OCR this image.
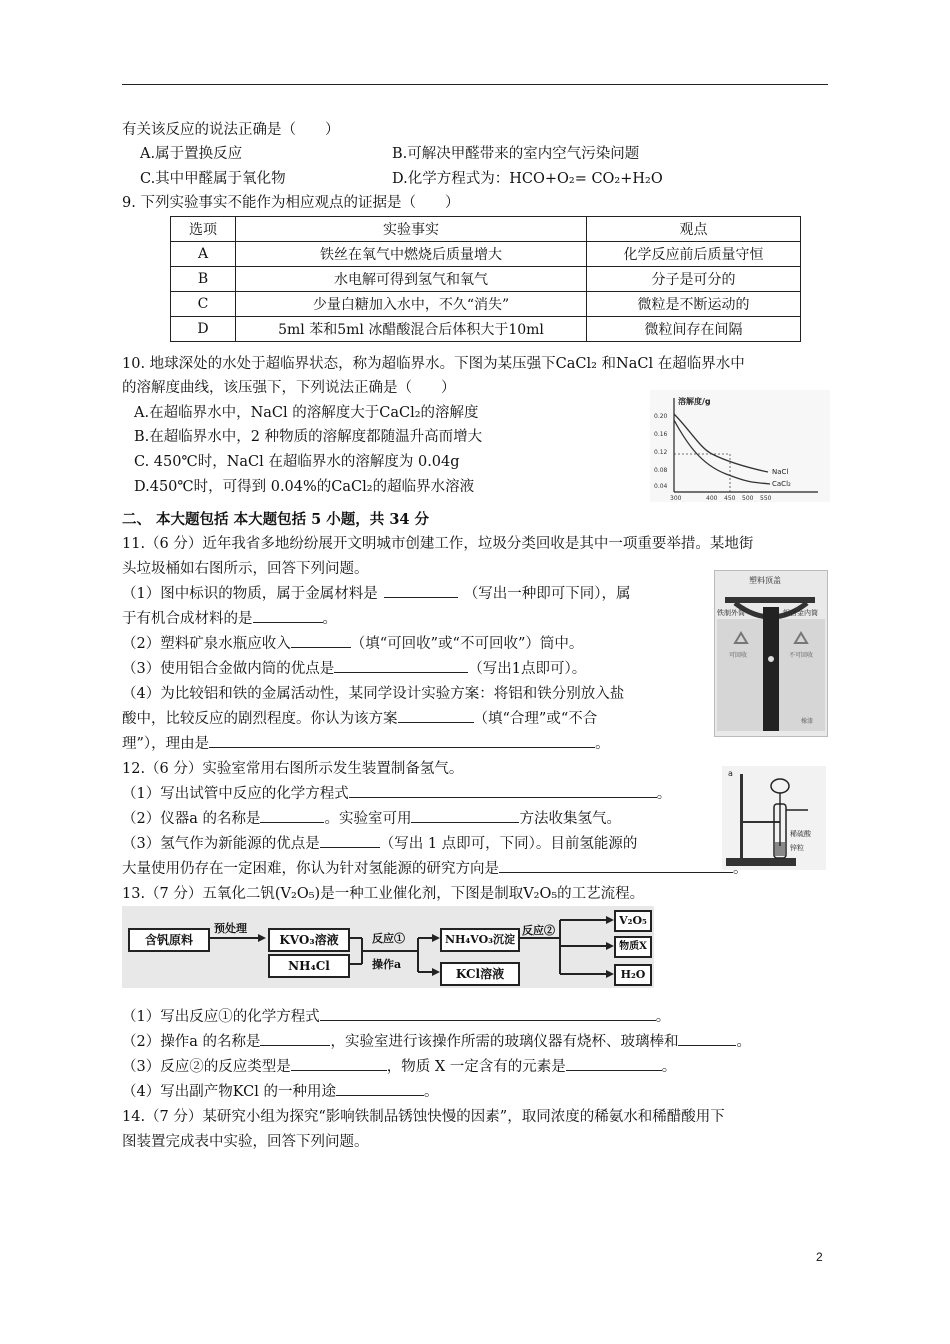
有关该反应的说法正确是（　　）
A.属于置换反应	B.可解决甲醛带来的室内空气污染问题
C.其中甲醛属于氧化物	D.化学方程式为：HCO+O₂= CO₂+H₂O
9. 下列实验事实不能作为相应观点的证据是（　　）
选项	实验事实	观点
A	铁丝在氧气中燃烧后质量增大	化学反应前后质量守恒
B	水电解可得到氢气和氧气	分子是可分的
C	少量白糖加入水中，不久“消失”	微粒是不断运动的
D	5ml 苯和5ml 冰醋酸混合后体积大于10ml	微粒间存在间隔
10. 地球深处的水处于超临界状态，称为超临界水。下图为某压强下CaCl₂ 和NaCl 在超临界水中
的溶解度曲线，该压强下，下列说法正确是（　　）
A.在超临界水中，NaCl 的溶解度大于CaCl₂的溶解度
B.在超临界水中，2 种物质的溶解度都随温升高而增大
C. 450℃时，NaCl 在超临界水的溶解度为 0.04g
D.450℃时，可得到 0.04%的CaCl₂的超临界水溶液
溶解度/g
0.20
0.16
0.12
0.08
0.04
300	400 450 500 550
NaCl
CaCl₂
二、 本大题包括 本大题包括 5 小题，共 34 分
11.（6 分）近年我省多地纷纷展开文明城市创建工作，垃圾分类回收是其中一项重要举措。某地街
头垃圾桶如右图所示，回答下列问题。
（1）图中标识的物质，属于金属材料是	（写出一种即可下同），属
于有机合成材料的是	。
（2）塑料矿泉水瓶应收入	（填“可回收”或“不可回收”）筒中。
（3）使用铝合金做内筒的优点是	（写出1点即可）。
（4）为比较铝和铁的金属活动性，某同学设计实验方案：将铝和铁分别放入盐
酸中，比较反应的剧烈程度。你认为该方案	（填“合理”或“不合
理”），理由是	。
塑料顶盖
铁制外筒	铝合金内筒
可回收	不可回收
橡漆
12.（6 分）实验室常用右图所示发生装置制备氢气。
（1）写出试管中反应的化学方程式	。
（2）仪器a 的名称是	。实验室可用	方法收集氢气。
（3）氢气作为新能源的优点是	（写出 1 点即可，下同）。目前氢能源的
大量使用仍存在一定困难，你认为针对氢能源的研究方向是
a
稀硫酸
锌粒
13.（7 分）五氧化二钒(V₂O₅)是一种工业催化剂，下图是制取V₂O₅的工艺流程。
含钒原料
预处理
KVO₃溶液
NH₄Cl
反应①
操作a
NH₄VO₃沉淀
KCl溶液
反应②
V₂O₅
物质X
H₂O
（1）写出反应①的化学方程式	。
（2）操作a 的名称是	，实验室进行该操作所需的玻璃仪器有烧杯、玻璃棒和	。
（3）反应②的反应类型是	，物质 X 一定含有的元素是	。
（4）写出副产物KCl 的一种用途	。
14.（7 分）某研究小组为探究“影响铁制品锈蚀快慢的因素”，取同浓度的稀氨水和稀醋酸用下
图装置完成表中实验，回答下列问题。
2
